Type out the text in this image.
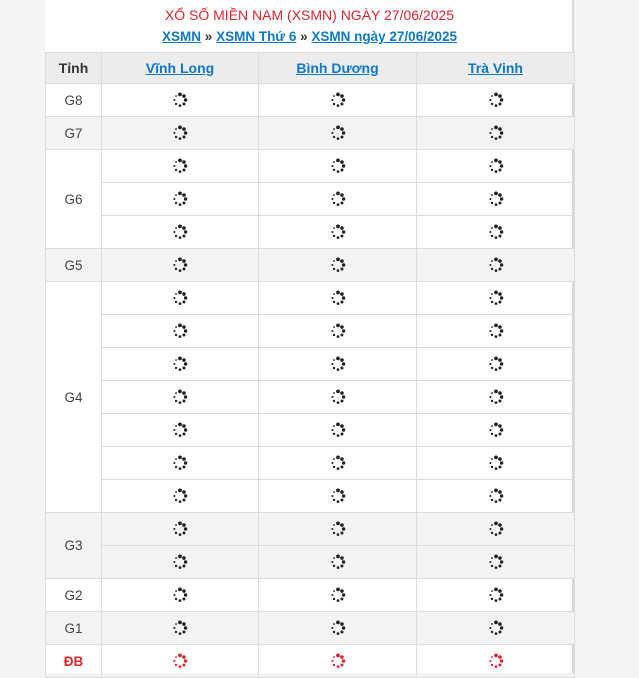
XỔ SỐ MIỀN NAM (XSMN) NGÀY 27/06/2025
XSMN » XSMN Thứ 6 » XSMN ngày 27/06/2025
Tỉnh	Vĩnh Long	Bình Dương	Trà Vinh
G8			
G7			
G6			

G5			
G4			

G3			

G2			
G1			
ĐB			
